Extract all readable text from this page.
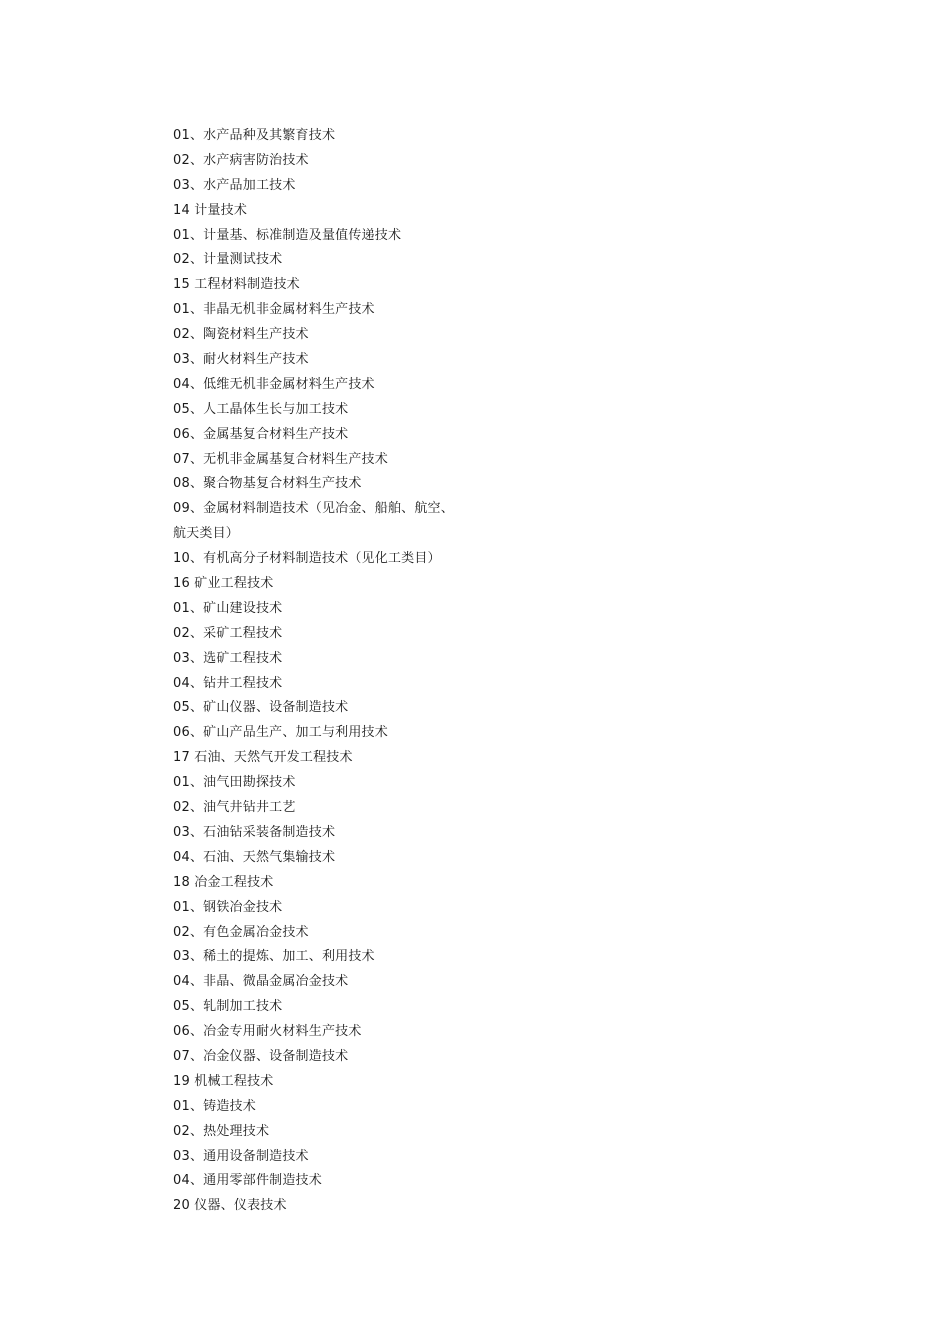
01、水产品种及其繁育技术
02、水产病害防治技术
03、水产品加工技术
14 计量技术
01、计量基、标准制造及量值传递技术
02、计量测试技术
15 工程材料制造技术
01、非晶无机非金属材料生产技术
02、陶瓷材料生产技术
03、耐火材料生产技术
04、低维无机非金属材料生产技术
05、人工晶体生长与加工技术
06、金属基复合材料生产技术
07、无机非金属基复合材料生产技术
08、聚合物基复合材料生产技术
09、金属材料制造技术（见冶金、船舶、航空、
航天类目）
10、有机高分子材料制造技术（见化工类目）
16 矿业工程技术
01、矿山建设技术
02、采矿工程技术
03、选矿工程技术
04、钻井工程技术
05、矿山仪器、设备制造技术
06、矿山产品生产、加工与利用技术
17 石油、天然气开发工程技术
01、油气田勘探技术
02、油气井钻井工艺
03、石油钻采装备制造技术
04、石油、天然气集输技术
18 冶金工程技术
01、钢铁冶金技术
02、有色金属冶金技术
03、稀土的提炼、加工、利用技术
04、非晶、微晶金属冶金技术
05、轧制加工技术
06、冶金专用耐火材料生产技术
07、冶金仪器、设备制造技术
19 机械工程技术
01、铸造技术
02、热处理技术
03、通用设备制造技术
04、通用零部件制造技术
20 仪器、仪表技术
